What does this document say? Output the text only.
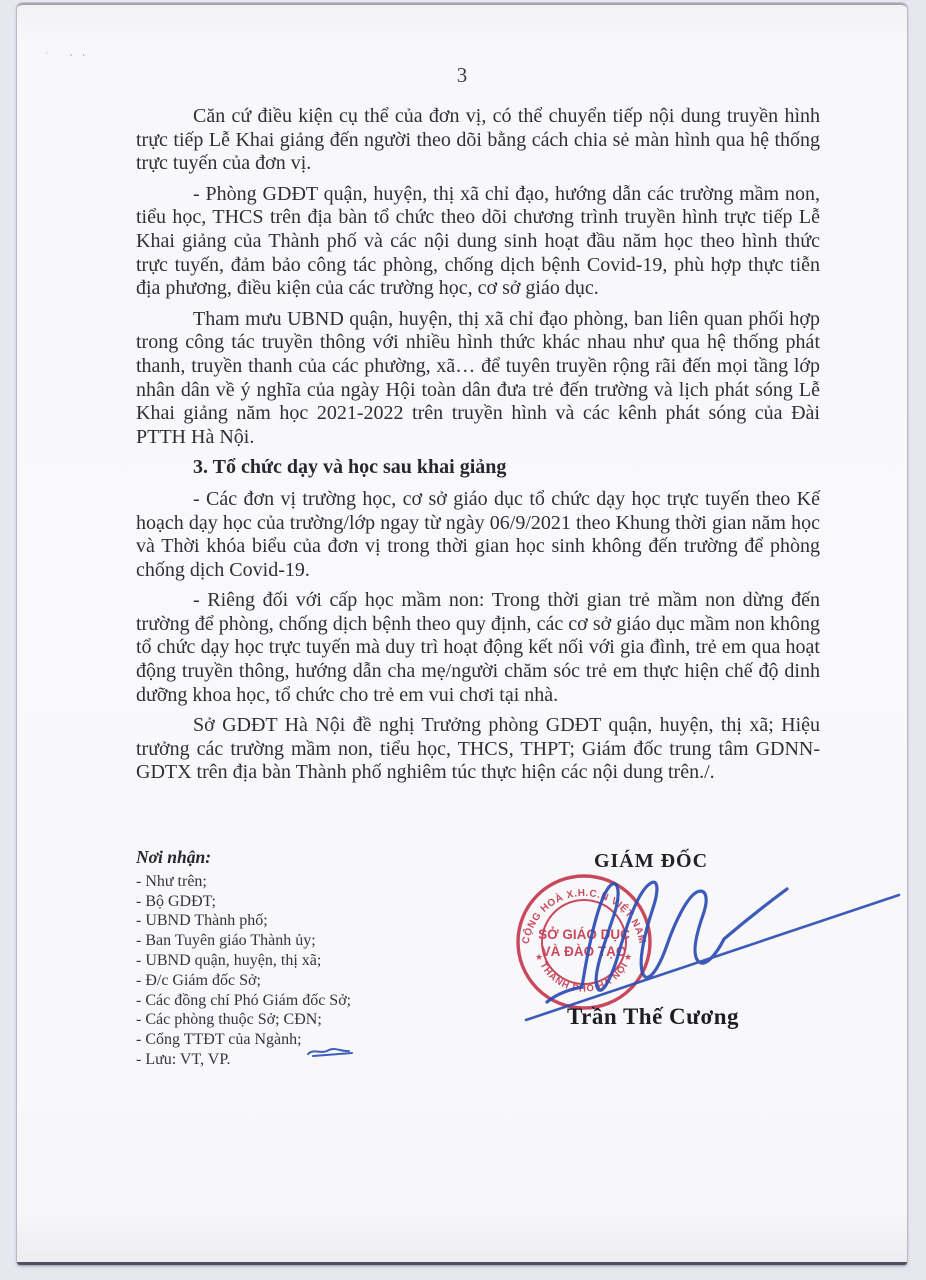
ˈ ‧‧
3
Căn cứ điều kiện cụ thể của đơn vị, có thể chuyển tiếp nội dung truyền hình trực tiếp Lễ Khai giảng đến người theo dõi bằng cách chia sẻ màn hình qua hệ thống trực tuyến của đơn vị.
- Phòng GDĐT quận, huyện, thị xã chỉ đạo, hướng dẫn các trường mầm non, tiểu học, THCS trên địa bàn tổ chức theo dõi chương trình truyền hình trực tiếp Lễ Khai giảng của Thành phố và các nội dung sinh hoạt đầu năm học theo hình thức trực tuyến, đảm bảo công tác phòng, chống dịch bệnh Covid-19, phù hợp thực tiễn địa phương, điều kiện của các trường học, cơ sở giáo dục.
Tham mưu UBND quận, huyện, thị xã chỉ đạo phòng, ban liên quan phối hợp trong công tác truyền thông với nhiều hình thức khác nhau như qua hệ thống phát thanh, truyền thanh của các phường, xã… để tuyên truyền rộng rãi đến mọi tầng lớp nhân dân về ý nghĩa của ngày Hội toàn dân đưa trẻ đến trường và lịch phát sóng Lễ Khai giảng năm học 2021-2022 trên truyền hình và các kênh phát sóng của Đài PTTH Hà Nội.
3. Tổ chức dạy và học sau khai giảng
- Các đơn vị trường học, cơ sở giáo dục tổ chức dạy học trực tuyến theo Kế hoạch dạy học của trường/lớp ngay từ ngày 06/9/2021 theo Khung thời gian năm học và Thời khóa biểu của đơn vị trong thời gian học sinh không đến trường để phòng chống dịch Covid-19.
- Riêng đối với cấp học mầm non: Trong thời gian trẻ mầm non dừng đến trường để phòng, chống dịch bệnh theo quy định, các cơ sở giáo dục mầm non không tổ chức dạy học trực tuyến mà duy trì hoạt động kết nối với gia đình, trẻ em qua hoạt động truyền thông, hướng dẫn cha mẹ/người chăm sóc trẻ em thực hiện chế độ dinh dưỡng khoa học, tổ chức cho trẻ em vui chơi tại nhà.
Sở GDĐT Hà Nội đề nghị Trưởng phòng GDĐT quận, huyện, thị xã; Hiệu trưởng các trường mầm non, tiểu học, THCS, THPT; Giám đốc trung tâm GDNN-GDTX trên địa bàn Thành phố nghiêm túc thực hiện các nội dung trên./.
Nơi nhận:
- Như trên;
- Bộ GDĐT;
- UBND Thành phố;
- Ban Tuyên giáo Thành ủy;
- UBND quận, huyện, thị xã;
- Đ/c Giám đốc Sở;
- Các đồng chí Phó Giám đốc Sở;
- Các phòng thuộc Sở; CĐN;
- Cổng TTĐT của Ngành;
- Lưu: VT, VP.
GIÁM ĐỐC
CỘNG HOÀ X.H.C.N VIỆT NAM
THÀNH PHỐ HÀ NỘI
★	★
SỞ GIÁO DỤC
VÀ ĐÀO TẠO
Trần Thế Cương
